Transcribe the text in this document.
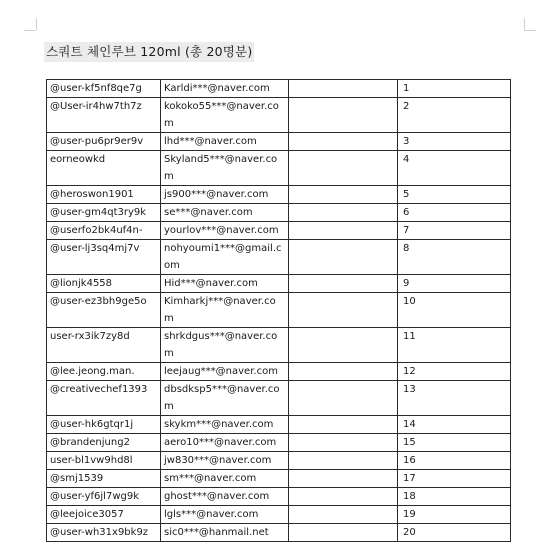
스쿼트 체인루브 120ml (총 20명분)
@user-kf5nf8qe7g	Karldi***@naver.com		1
@User-ir4hw7th7z	kokoko55***@naver.com		2
@user-pu6pr9er9v	lhd***@naver.com		3
eorneowkd	Skyland5***@naver.com		4
@heroswon1901	js900***@naver.com		5
@user-gm4qt3ry9k	se***@naver.com		6
@userfo2bk4uf4n-	yourlov***@naver.com		7
@user-lj3sq4mj7v	nohyoumi1***@gmail.com		8
@lionjk4558	Hid***@naver.com		9
@user-ez3bh9ge5o	Kimharkj***@naver.com		10
user-rx3ik7zy8d	shrkdgus***@naver.com		11
@lee.jeong.man.	leejaug***@naver.com		12
@creativechef1393	dbsdksp5***@naver.com		13
@user-hk6gtqr1j	skykm***@naver.com		14
@brandenjung2	aero10***@naver.com		15
user-bl1vw9hd8l	jw830***@naver.com		16
@smj1539	sm***@naver.com		17
@user-yf6jl7wg9k	ghost***@naver.com		18
@leejoice3057	lgls***@naver.com		19
@user-wh31x9bk9z	sic0***@hanmail.net		20
